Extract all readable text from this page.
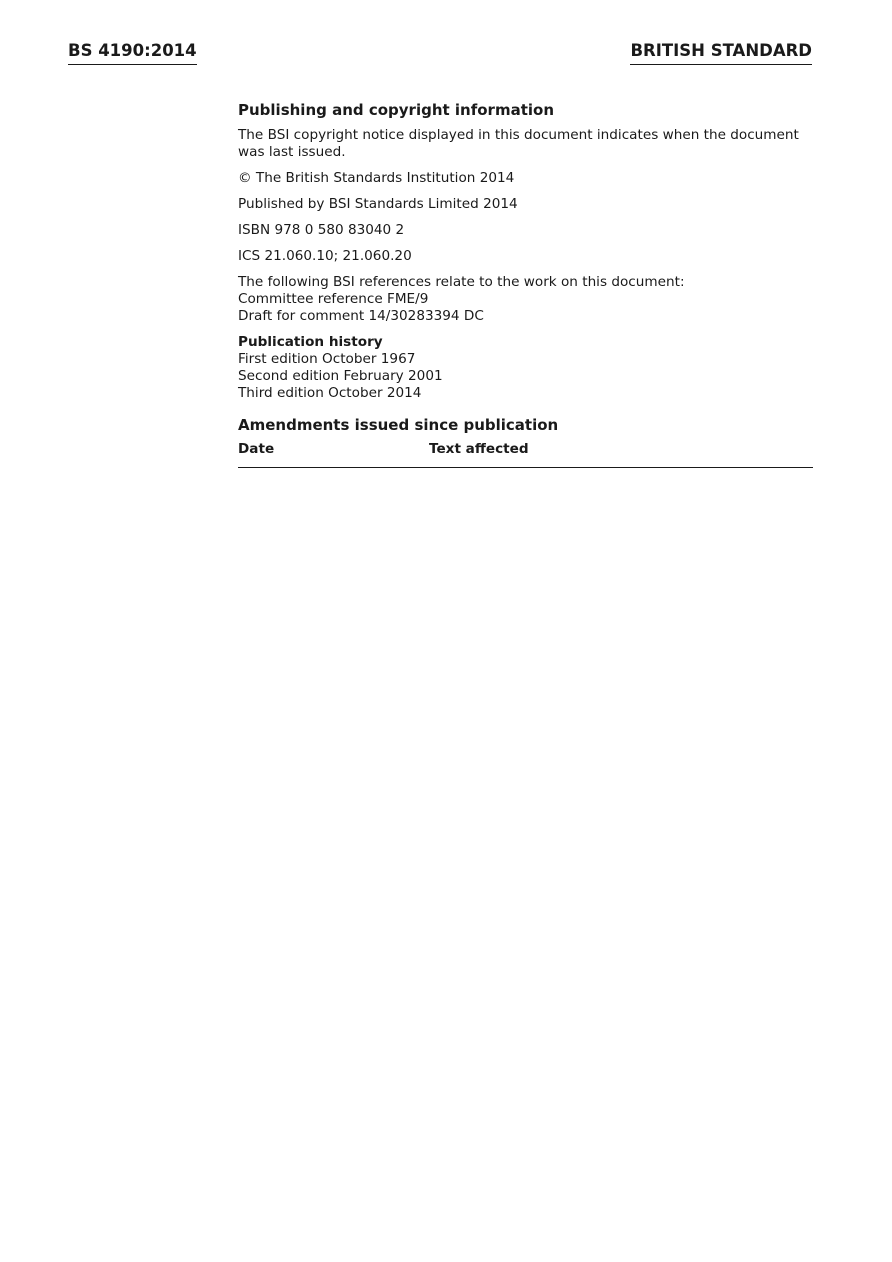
BS 4190:2014	BRITISH STANDARD
Publishing and copyright information
The BSI copyright notice displayed in this document indicates when the document was last issued.
© The British Standards Institution 2014
Published by BSI Standards Limited 2014
ISBN 978 0 580 83040 2
ICS 21.060.10; 21.060.20
The following BSI references relate to the work on this document:
Committee reference FME/9
Draft for comment 14/30283394 DC
Publication history
First edition October 1967
Second edition February 2001
Third edition October 2014
Amendments issued since publication
Date	Text affected
